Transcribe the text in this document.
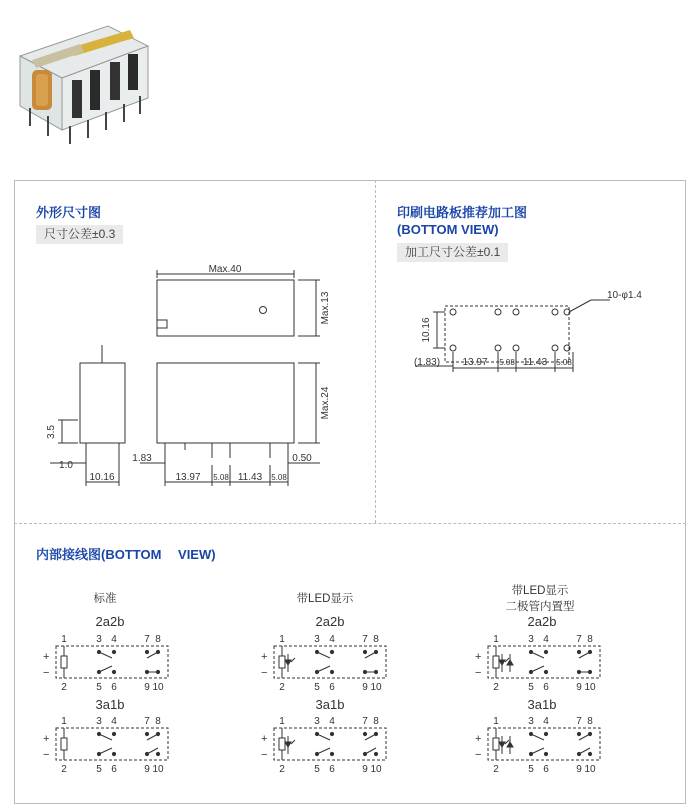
外形尺寸图
尺寸公差±0.3
印刷电路板推荐加工图
(BOTTOM VIEW)
加工尺寸公差±0.1
内部接线图(BOTTOM　 VIEW)
Max.40
Max.13
Max.24
3.5
1.0
10.16
1.83
13.97 5.08 11.43 5.08
0.50
10-φ1.4
10.16
(1.83) 13.97 5.08 11.43 5.08
标准	带LED显示
带LED显示
二极管内置型
2a2b	2a2b	2a2b
3a1b	3a1b	3a1b
1	3 4	7 8
2	5 6	9 10
+
−
1	3 4	7 8
2	5 6	9 10
+
−
1	3 4	7 8
2	5 6	9 10
+
−
1	3 4	7 8
2	5 6	9 10
+
−
1	3 4	7 8
2	5 6	9 10
+
−
1	3 4	7 8
2	5 6	9 10
+
−
